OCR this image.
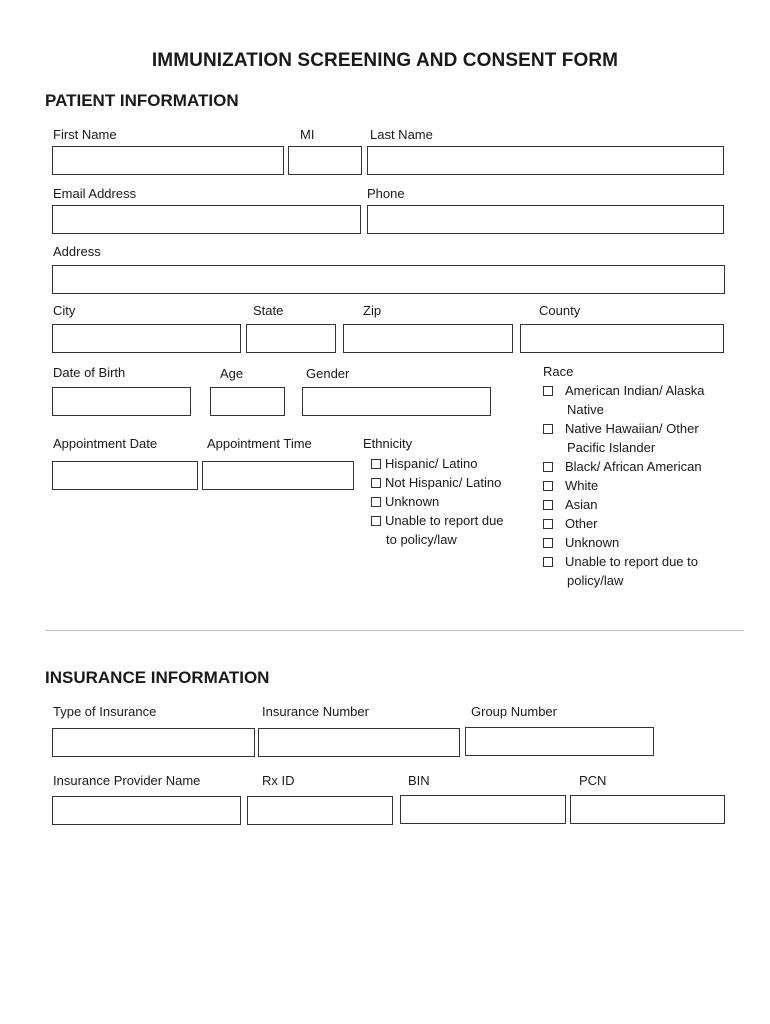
IMMUNIZATION SCREENING AND CONSENT FORM
PATIENT INFORMATION
First Name	MI	Last Name
Email Address	Phone
Address
City	State	Zip	County
Date of Birth	Age	Gender
Appointment Date	Appointment Time	Ethnicity
Hispanic/ Latino
Not Hispanic/ Latino
Unknown
Unable to report due
to policy/law
Race
American Indian/ Alaska
Native
Native Hawaiian/ Other
Pacific Islander
Black/ African American
White
Asian
Other
Unknown
Unable to report due to
policy/law
INSURANCE INFORMATION
Type of Insurance	Insurance Number	Group Number
Insurance Provider Name	Rx ID	BIN	PCN
